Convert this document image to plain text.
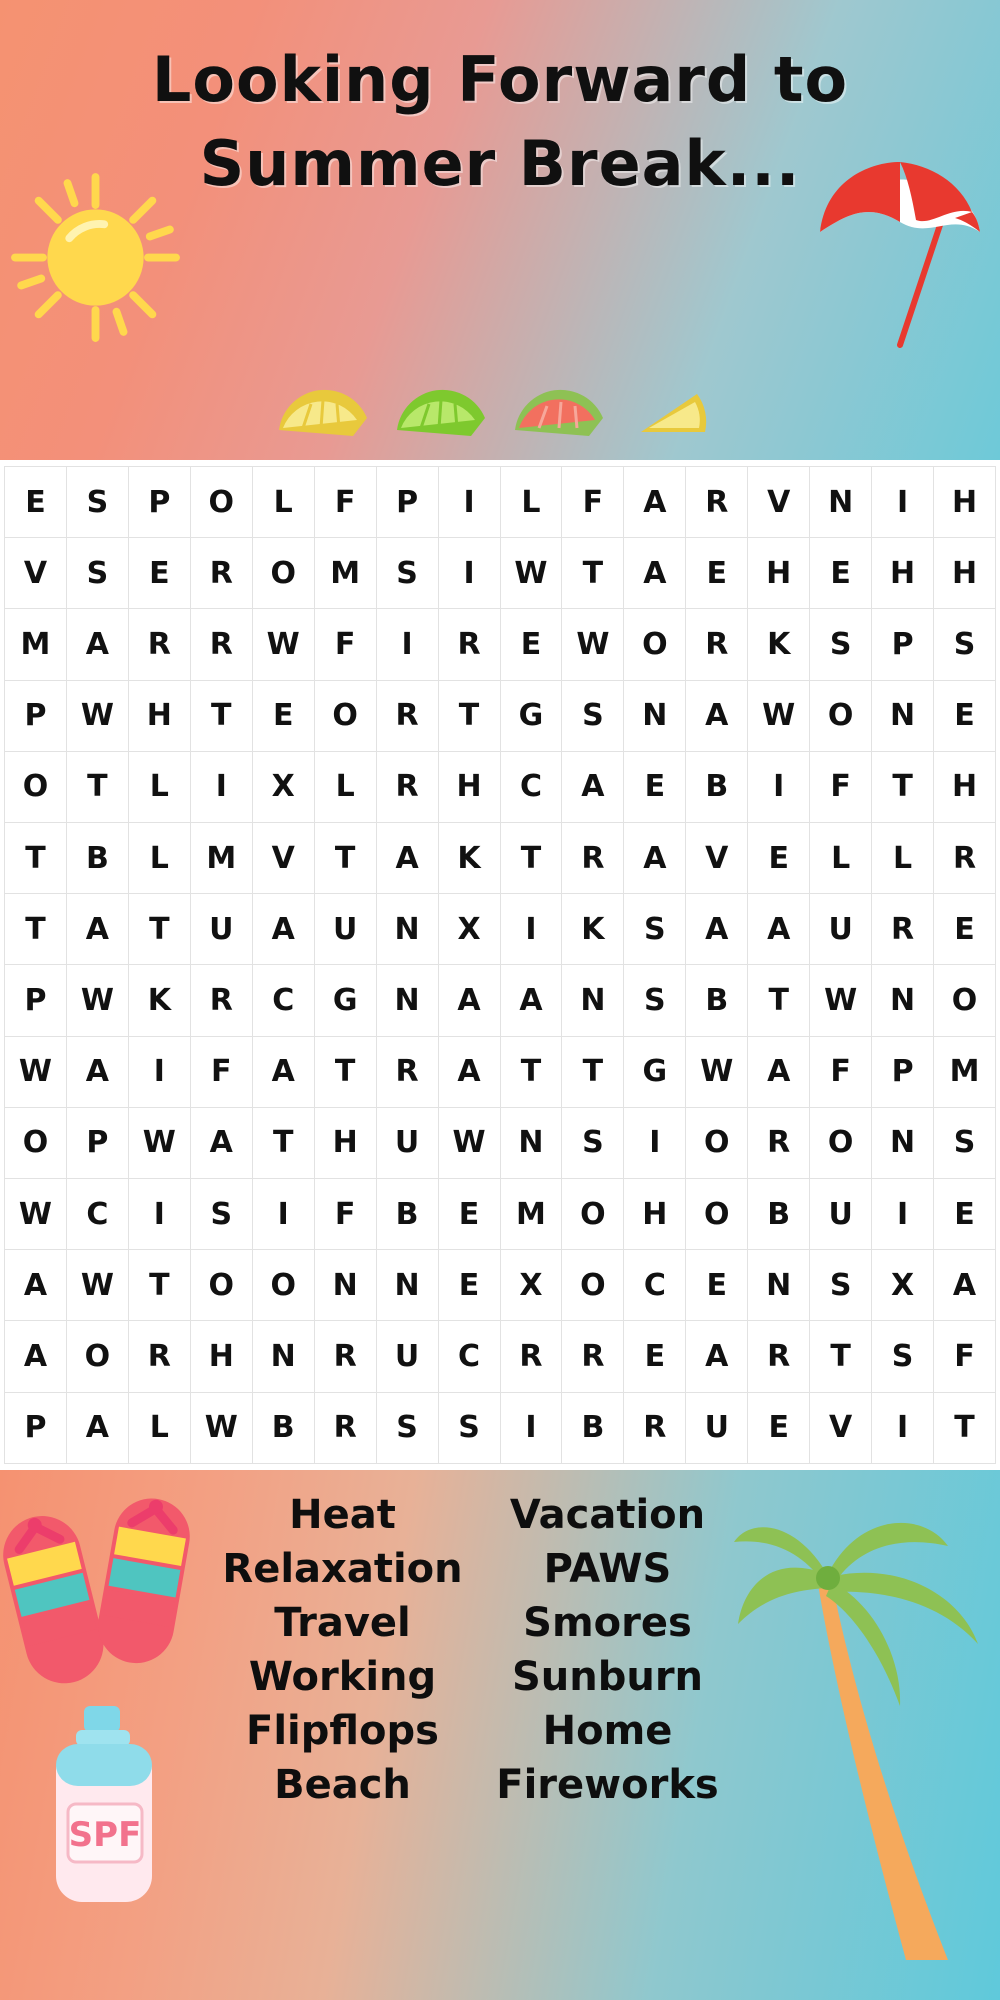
Looking Forward to
Summer Break...
E	S	P	O	L	F	P	I	L	F	A	R	V	N	I	H
V	S	E	R	O	M	S	I	W	T	A	E	H	E	H	H
M	A	R	R	W	F	I	R	E	W	O	R	K	S	P	S
P	W	H	T	E	O	R	T	G	S	N	A	W	O	N	E
O	T	L	I	X	L	R	H	C	A	E	B	I	F	T	H
T	B	L	M	V	T	A	K	T	R	A	V	E	L	L	R
T	A	T	U	A	U	N	X	I	K	S	A	A	U	R	E
P	W	K	R	C	G	N	A	A	N	S	B	T	W	N	O
W	A	I	F	A	T	R	A	T	T	G	W	A	F	P	M
O	P	W	A	T	H	U	W	N	S	I	O	R	O	N	S
W	C	I	S	I	F	B	E	M	O	H	O	B	U	I	E
A	W	T	O	O	N	N	E	X	O	C	E	N	S	X	A
A	O	R	H	N	R	U	C	R	R	E	A	R	T	S	F
P	A	L	W	B	R	S	S	I	B	R	U	E	V	I	T
SPF
Heat	Vacation
Relaxation	PAWS
Travel	Smores
Working	Sunburn
Flipflops	Home
Beach	Fireworks
